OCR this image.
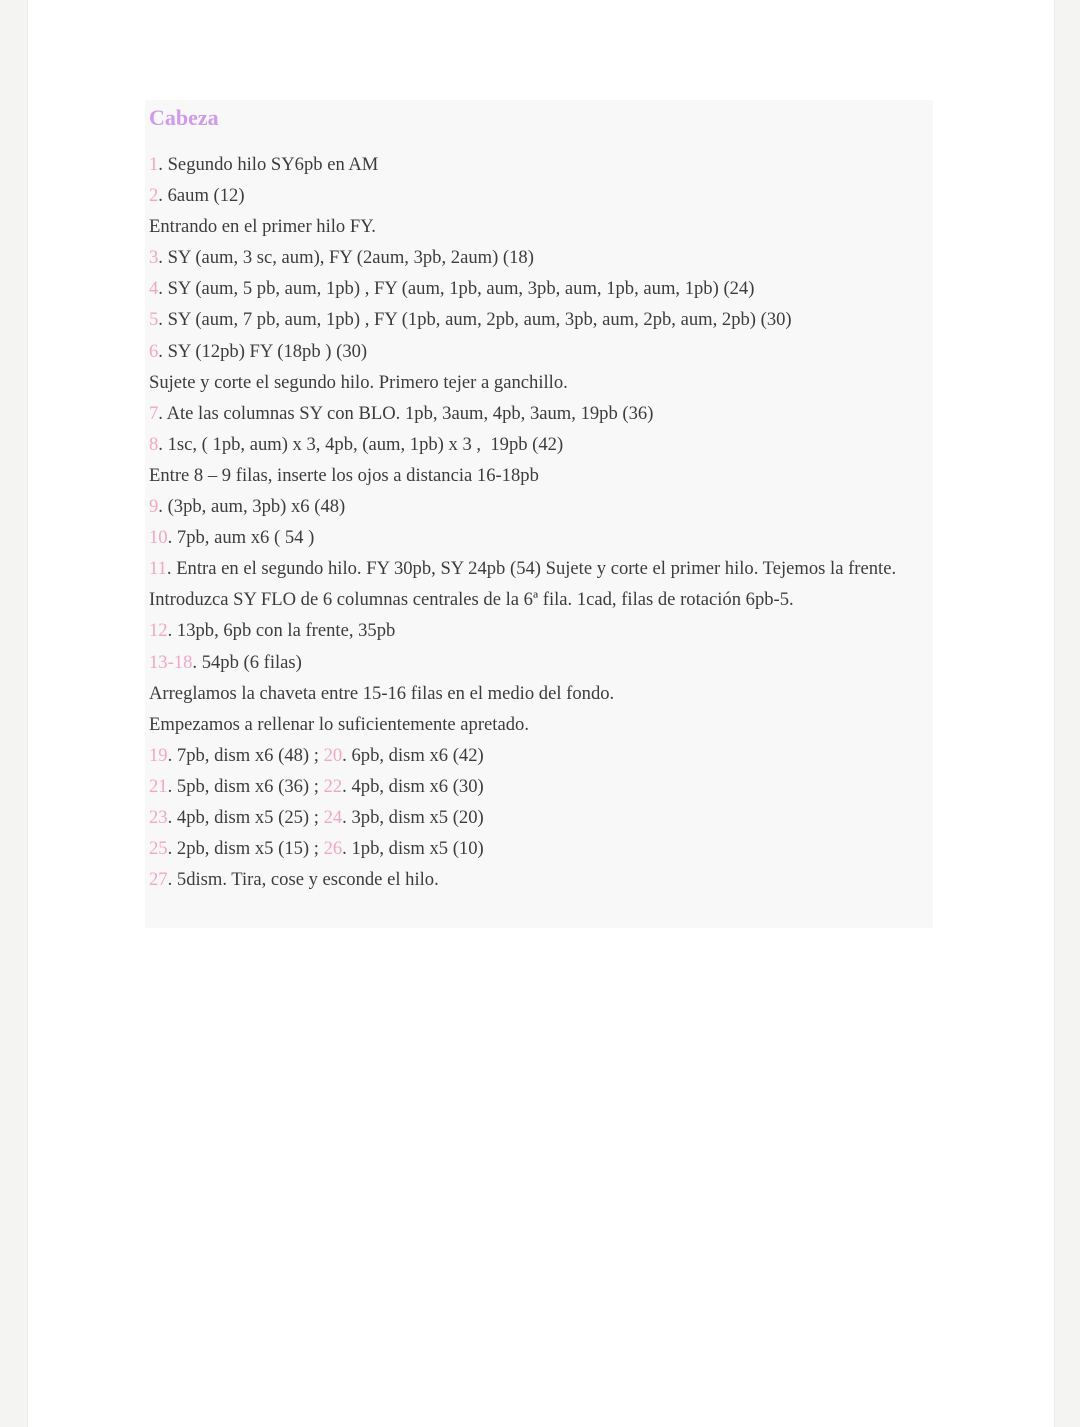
Cabeza
1. Segundo hilo SY6pb en AM
2. 6aum (12)
Entrando en el primer hilo FY.
3. SY (aum, 3 sc, aum), FY (2aum, 3pb, 2aum) (18)
4. SY (aum, 5 pb, aum, 1pb) , FY (aum, 1pb, aum, 3pb, aum, 1pb, aum, 1pb) (24)
5. SY (aum, 7 pb, aum, 1pb) , FY (1pb, aum, 2pb, aum, 3pb, aum, 2pb, aum, 2pb) (30)
6. SY (12pb) FY (18pb ) (30)
Sujete y corte el segundo hilo. Primero tejer a ganchillo.
7. Ate las columnas SY con BLO. 1pb, 3aum, 4pb, 3aum, 19pb (36)
8. 1sc, ( 1pb, aum) x 3, 4pb, (aum, 1pb) x 3 ,  19pb (42)
Entre 8 – 9 filas, inserte los ojos a distancia 16-18pb
9. (3pb, aum, 3pb) x6 (48)
10. 7pb, aum x6 ( 54 )
11. Entra en el segundo hilo. FY 30pb, SY 24pb (54) Sujete y corte el primer hilo. Tejemos la frente.
Introduzca SY FLO de 6 columnas centrales de la 6ª fila. 1cad, filas de rotación 6pb-5.
12. 13pb, 6pb con la frente, 35pb
13-18. 54pb (6 filas)
Arreglamos la chaveta entre 15-16 filas en el medio del fondo.
Empezamos a rellenar lo suficientemente apretado.
19. 7pb, dism x6 (48) ; 20. 6pb, dism x6 (42)
21. 5pb, dism x6 (36) ; 22. 4pb, dism x6 (30)
23. 4pb, dism x5 (25) ; 24. 3pb, dism x5 (20)
25. 2pb, dism x5 (15) ; 26. 1pb, dism x5 (10)
27. 5dism. Tira, cose y esconde el hilo.
